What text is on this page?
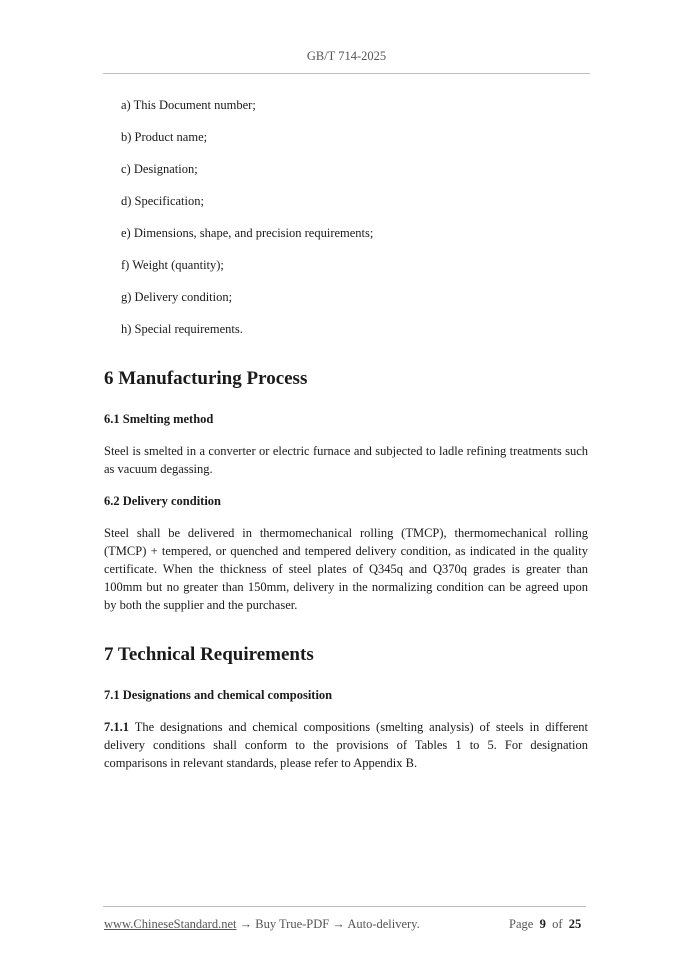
GB/T 714-2025
a) This Document number;
b) Product name;
c) Designation;
d) Specification;
e) Dimensions, shape, and precision requirements;
f) Weight (quantity);
g) Delivery condition;
h) Special requirements.
6 Manufacturing Process
6.1 Smelting method
Steel is smelted in a converter or electric furnace and subjected to ladle refining treatments such as vacuum degassing.
6.2 Delivery condition
Steel shall be delivered in thermomechanical rolling (TMCP), thermomechanical rolling (TMCP) + tempered, or quenched and tempered delivery condition, as indicated in the quality certificate. When the thickness of steel plates of Q345q and Q370q grades is greater than 100mm but no greater than 150mm, delivery in the normalizing condition can be agreed upon by both the supplier and the purchaser.
7 Technical Requirements
7.1 Designations and chemical composition
7.1.1 The designations and chemical compositions (smelting analysis) of steels in different delivery conditions shall conform to the provisions of Tables 1 to 5. For designation comparisons in relevant standards, please refer to Appendix B.
www.ChineseStandard.net → Buy True-PDF → Auto-delivery.	Page 9 of 25
